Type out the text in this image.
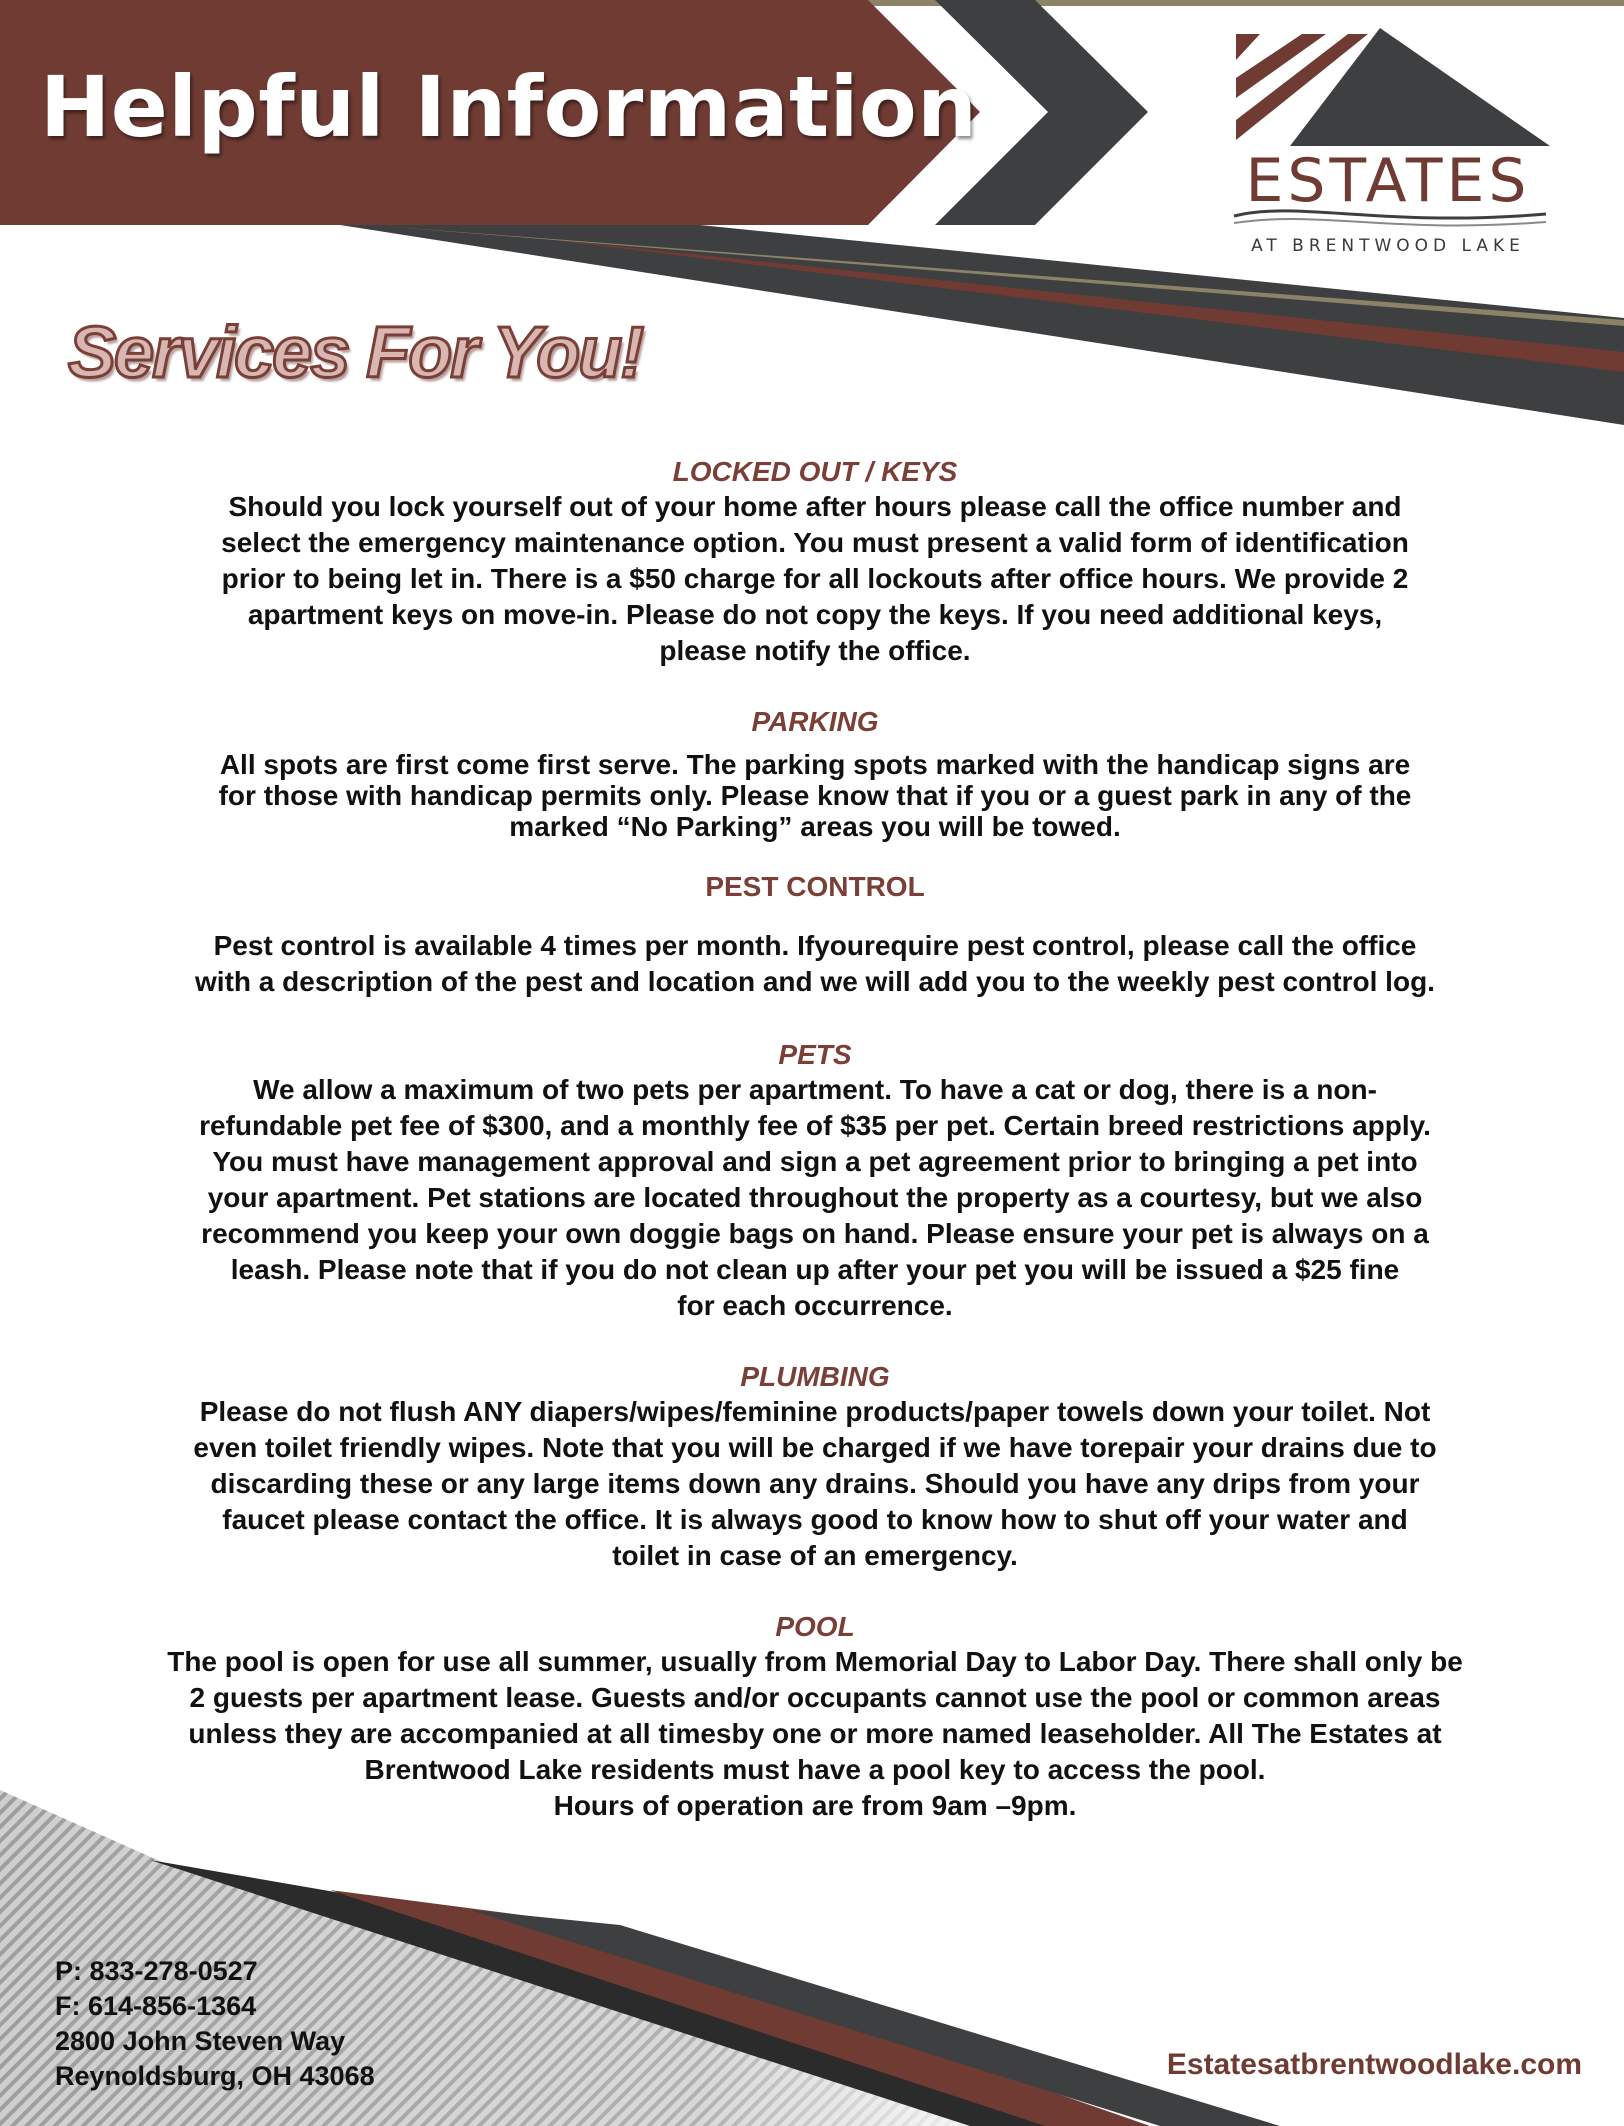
Helpful Information
ESTATES
AT BRENTWOOD LAKE
Services For You!

LOCKED OUT / KEYS

Should you lock yourself out of your home after hours please call the office number and
select the emergency maintenance option. You must present a valid form of identification
prior to being let in. There is a $50 charge for all lockouts after office hours. We provide 2
apartment keys on move-in. Please do not copy the keys. If you need additional keys,
please notify the office.

PARKING

All spots are first come first serve. The parking spots marked with the handicap signs are
for those with handicap permits only. Please know that if you or a guest park in any of the
marked “No Parking” areas you will be towed.

PEST CONTROL

Pest control is available 4 times per month. Ifyourequire pest control, please call the office
with a description of the pest and location and we will add you to the weekly pest control log.

PETS

We allow a maximum of two pets per apartment. To have a cat or dog, there is a non-
refundable pet fee of $300, and a monthly fee of $35 per pet. Certain breed restrictions apply.
You must have management approval and sign a pet agreement prior to bringing a pet into
your apartment. Pet stations are located throughout the property as a courtesy, but we also
recommend you keep your own doggie bags on hand. Please ensure your pet is always on a
leash. Please note that if you do not clean up after your pet you will be issued a $25 fine
for each occurrence.

PLUMBING

Please do not flush ANY diapers/wipes/feminine products/paper towels down your toilet. Not
even toilet friendly wipes. Note that you will be charged if we have torepair your drains due to
discarding these or any large items down any drains. Should you have any drips from your
faucet please contact the office. It is always good to know how to shut off your water and
toilet in case of an emergency.

POOL

The pool is open for use all summer, usually from Memorial Day to Labor Day. There shall only be
2 guests per apartment lease. Guests and/or occupants cannot use the pool or common areas
unless they are accompanied at all timesby one or more named leaseholder. All The Estates at
Brentwood Lake residents must have a pool key to access the pool.
Hours of operation are from 9am –9pm.

P: 833-278-0527
F: 614-856-1364
2800 John Steven Way
Reynoldsburg, OH 43068	Estatesatbrentwoodlake.com
